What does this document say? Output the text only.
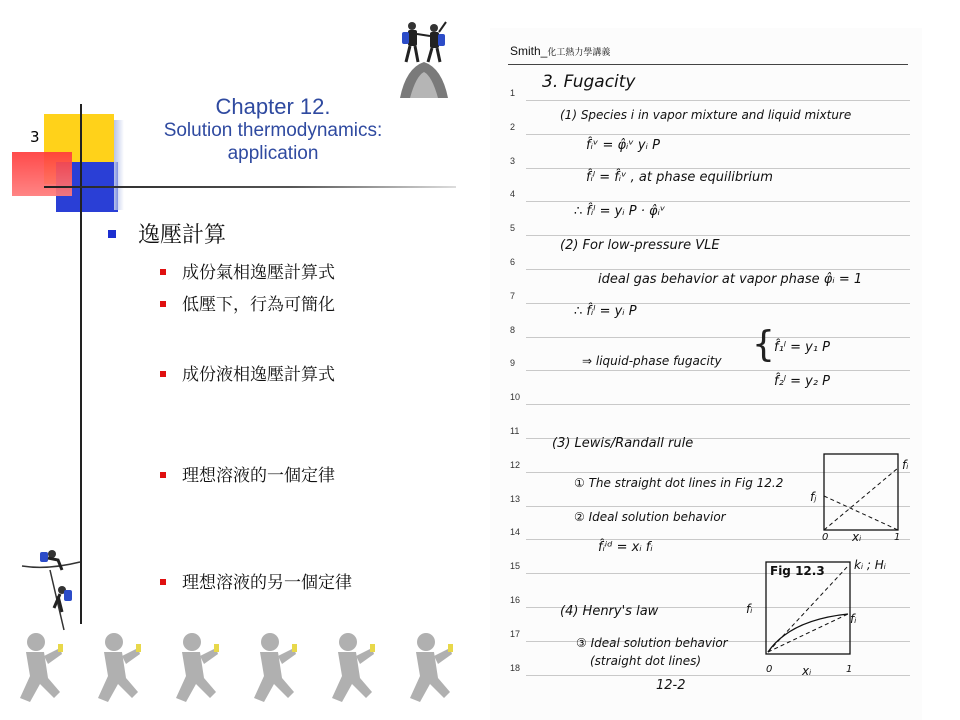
3
Chapter 12.
Solution thermodynamics:
application
逸壓計算
成份氣相逸壓計算式
低壓下，行為可簡化
成份液相逸壓計算式
理想溶液的一個定律
理想溶液的另一個定律
Smith_化工熱力學講義
1
2
3
4
5
6
7
8
9
10
11
12
13
14
15
16
17
18
3. Fugacity
(1) Species i in vapor mixture and liquid mixture
f̂ᵢᵛ = φ̂ᵢᵛ yᵢ P
f̂ᵢˡ = f̂ᵢᵛ , at phase equilibrium
∴ f̂ᵢˡ = yᵢ P · φ̂ᵢᵛ
(2) For low-pressure VLE
ideal gas behavior at vapor phase φ̂ᵢ = 1
∴ f̂ᵢˡ = yᵢ P
⇒ liquid-phase fugacity { f̂₁ˡ = y₁ P
f̂₂ˡ = y₂ P
(3) Lewis/Randall rule
① The straight dot lines in Fig 12.2
② Ideal solution behavior
f̂ᵢⁱᵈ = xᵢ fᵢ
(4) Henry's law
③ Ideal solution behavior
(straight dot lines)
12-2
fᵢ
fⱼ
0 xᵢ	1
Fig 12.3 kᵢ ; Hᵢ
fᵢ
fᵢ
0 xᵢ	1
